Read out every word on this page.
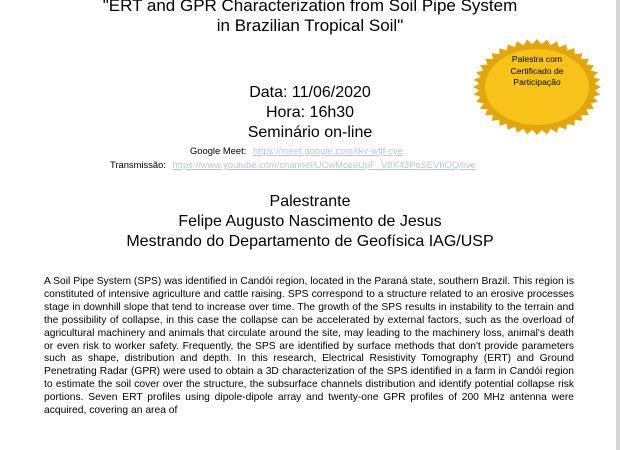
"ERT and GPR Characterization from Soil Pipe System
in Brazilian Tropical Soil"
Palestra com
Certificado de
Participação
Data: 11/06/2020
Hora: 16h30
Seminário on-line
Google Meet: https://meet.google.com/rkv-wfjf-cye
Transmissão: https://www.youtube.com/channel/UCwMceeUpF_V8X43PoSEVhOQ/live
Palestrante
Felipe Augusto Nascimento de Jesus
Mestrando do Departamento de Geofísica IAG/USP
A Soil Pipe System (SPS) was identified in Candói region, located in the Paraná state, southern Brazil. This region is constituted of intensive agriculture and cattle raising. SPS correspond to a structure related to an erosive processes stage in downhill slope that tend to increase over time. The growth of the SPS results in instability to the terrain and the possibility of collapse, in this case the collapse can be accelerated by external factors, such as the overload of agricultural machinery and animals that circulate around the site, may leading to the machinery loss, animal's death or even risk to worker safety. Frequently, the SPS are identified by surface methods that don't provide parameters such as shape, distribution and depth. In this research, Electrical Resistivity Tomography (ERT) and Ground Penetrating Radar (GPR) were used to obtain a 3D characterization of the SPS identified in a farm in Candói region to estimate the soil cover over the structure, the subsurface channels distribution and identify potential collapse risk portions. Seven ERT profiles using dipole-dipole array and twenty-one GPR profiles of 200 MHz antenna were acquired, covering an area of
